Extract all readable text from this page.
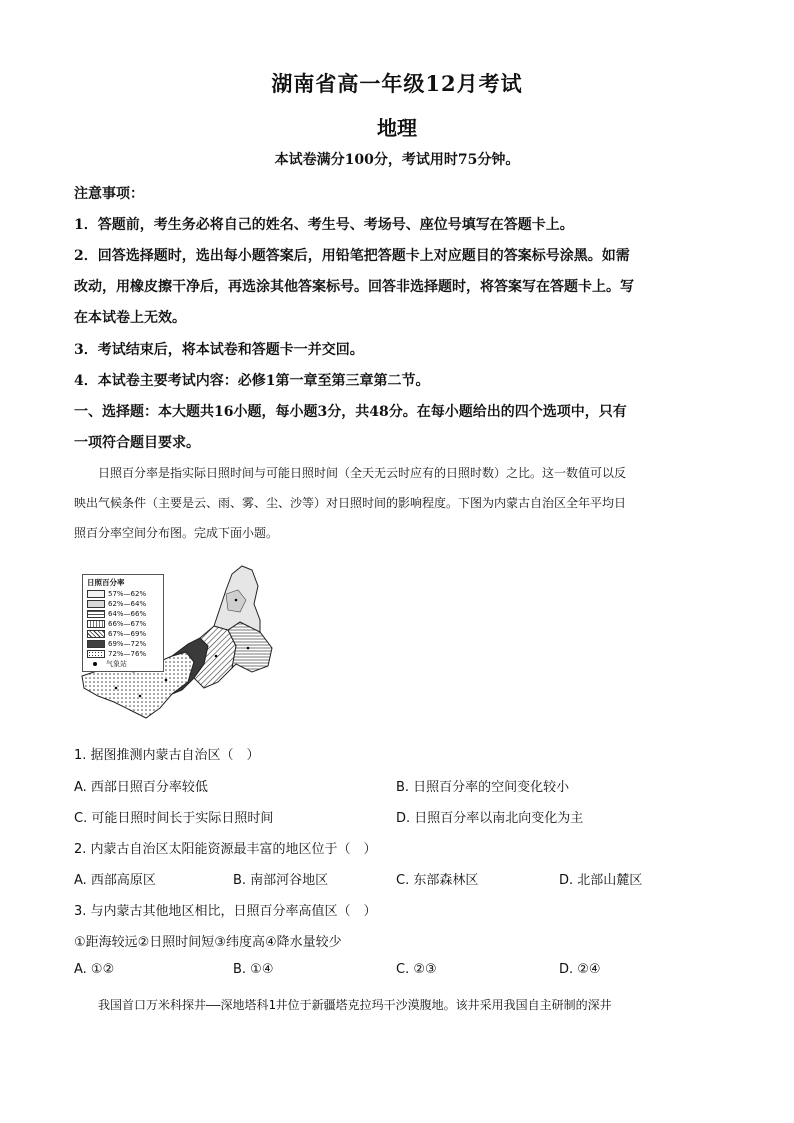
湖南省高一年级12月考试
地理
本试卷满分100分，考试用时75分钟。
注意事项：
1．答题前，考生务必将自己的姓名、考生号、考场号、座位号填写在答题卡上。
2．回答选择题时，选出每小题答案后，用铅笔把答题卡上对应题目的答案标号涂黑。如需
改动，用橡皮擦干净后，再选涂其他答案标号。回答非选择题时，将答案写在答题卡上。写
在本试卷上无效。
3．考试结束后，将本试卷和答题卡一并交回。
4．本试卷主要考试内容：必修1第一章至第三章第二节。
一、选择题：本大题共16小题，每小题3分，共48分。在每小题给出的四个选项中，只有
一项符合题目要求。
日照百分率是指实际日照时间与可能日照时间（全天无云时应有的日照时数）之比。这一数值可以反
映出气候条件（主要是云、雨、雾、尘、沙等）对日照时间的影响程度。下图为内蒙古自治区全年平均日
照百分率空间分布图。完成下面小题。
日照百分率
57%—62%
62%—64%
64%—66%
66%—67%
67%—69%
69%—72%
72%—76%
气象站
1. 据图推测内蒙古自治区（　）
A. 西部日照百分率较低	B. 日照百分率的空间变化较小
C. 可能日照时间长于实际日照时间	D. 日照百分率以南北向变化为主
2. 内蒙古自治区太阳能资源最丰富的地区位于（　）
A. 西部高原区	B. 南部河谷地区	C. 东部森林区	D. 北部山麓区
3. 与内蒙古其他地区相比，日照百分率高值区（　）
①距海较远②日照时间短③纬度高④降水量较少
A. ①②	B. ①④	C. ②③	D. ②④
我国首口万米科探井——深地塔科1井位于新疆塔克拉玛干沙漠腹地。该井采用我国自主研制的深井
